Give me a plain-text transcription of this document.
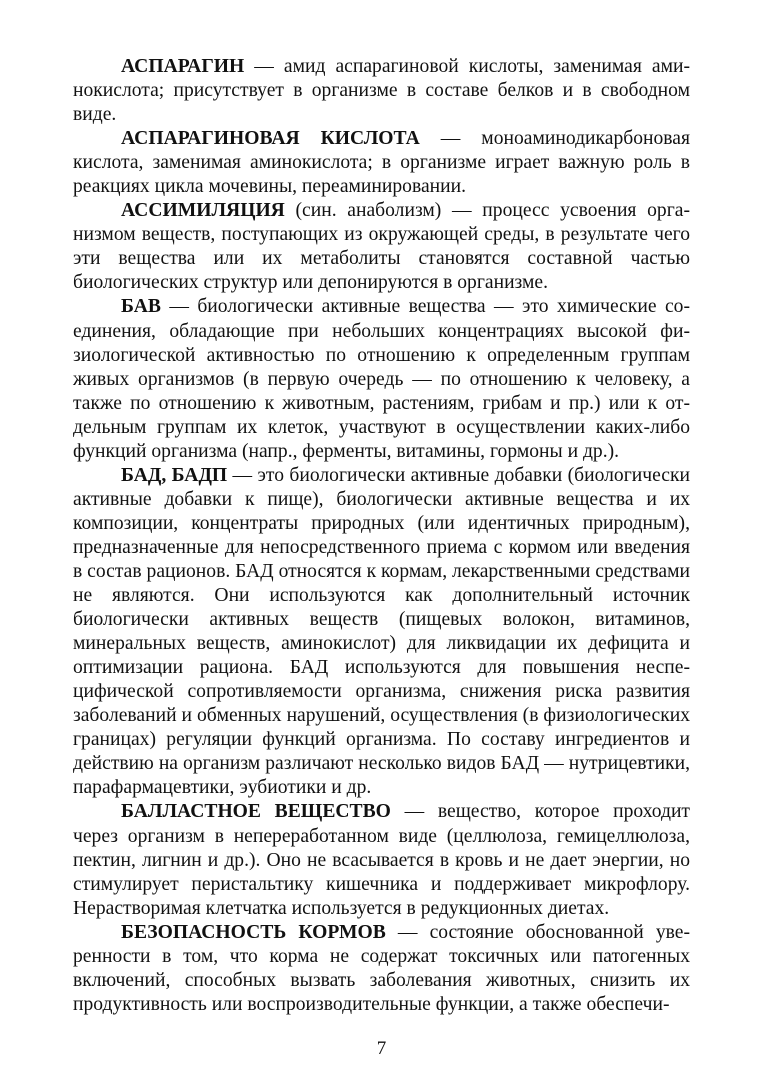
АСПАРАГИН — амид аспарагиновой кислоты, заменимая аминокислота; присутствует в организме в составе белков и в свободном виде.

АСПАРАГИНОВАЯ КИСЛОТА — моноаминодикарбоновая кислота, заменимая аминокислота; в организме играет важную роль в реакциях цикла мочевины, переаминировании.

АССИМИЛЯЦИЯ (син. анаболизм) — процесс усвоения организмом веществ, поступающих из окружающей среды, в результате чего эти вещества или их метаболиты становятся составной частью биологических структур или депонируются в организме.

БАВ — биологически активные вещества — это химические соединения, обладающие при небольших концентрациях высокой физиологической активностью по отношению к определенным группам живых организмов (в первую очередь — по отношению к человеку, а также по отношению к животным, растениям, грибам и пр.) или к отдельным группам их клеток, участвуют в осуществлении каких-либо функций организма (напр., ферменты, витамины, гормоны и др.).

БАД, БАДП — это биологически активные добавки (биологически активные добавки к пище), биологически активные вещества и их композиции, концентраты природных (или идентичных природным), предназначенные для непосредственного приема с кормом или введения в состав рационов. БАД относятся к кормам, лекарственными средствами не являются. Они используются как дополнительный источник биологически активных веществ (пищевых волокон, витаминов, минеральных веществ, аминокислот) для ликвидации их дефицита и оптимизации рациона. БАД используются для повышения неспецифической сопротивляемости организма, снижения риска развития заболеваний и обменных нарушений, осуществления (в физиологических границах) регуляции функций организма. По составу ингредиентов и действию на организм различают несколько видов БАД — нутрицевтики, парафармацевтики, эубиотики и др.

БАЛЛАСТНОЕ ВЕЩЕСТВО — вещество, которое проходит через организм в непереработанном виде (целлюлоза, гемицеллюлоза, пектин, лигнин и др.). Оно не всасывается в кровь и не дает энергии, но стимулирует перистальтику кишечника и поддерживает микрофлору. Нерастворимая клетчатка используется в редукционных диетах.

БЕЗОПАСНОСТЬ КОРМОВ — состояние обоснованной уверенности в том, что корма не содержат токсичных или патогенных включений, способных вызвать заболевания животных, снизить их продуктивность или воспроизводительные функции, а также обеспечи-

7
